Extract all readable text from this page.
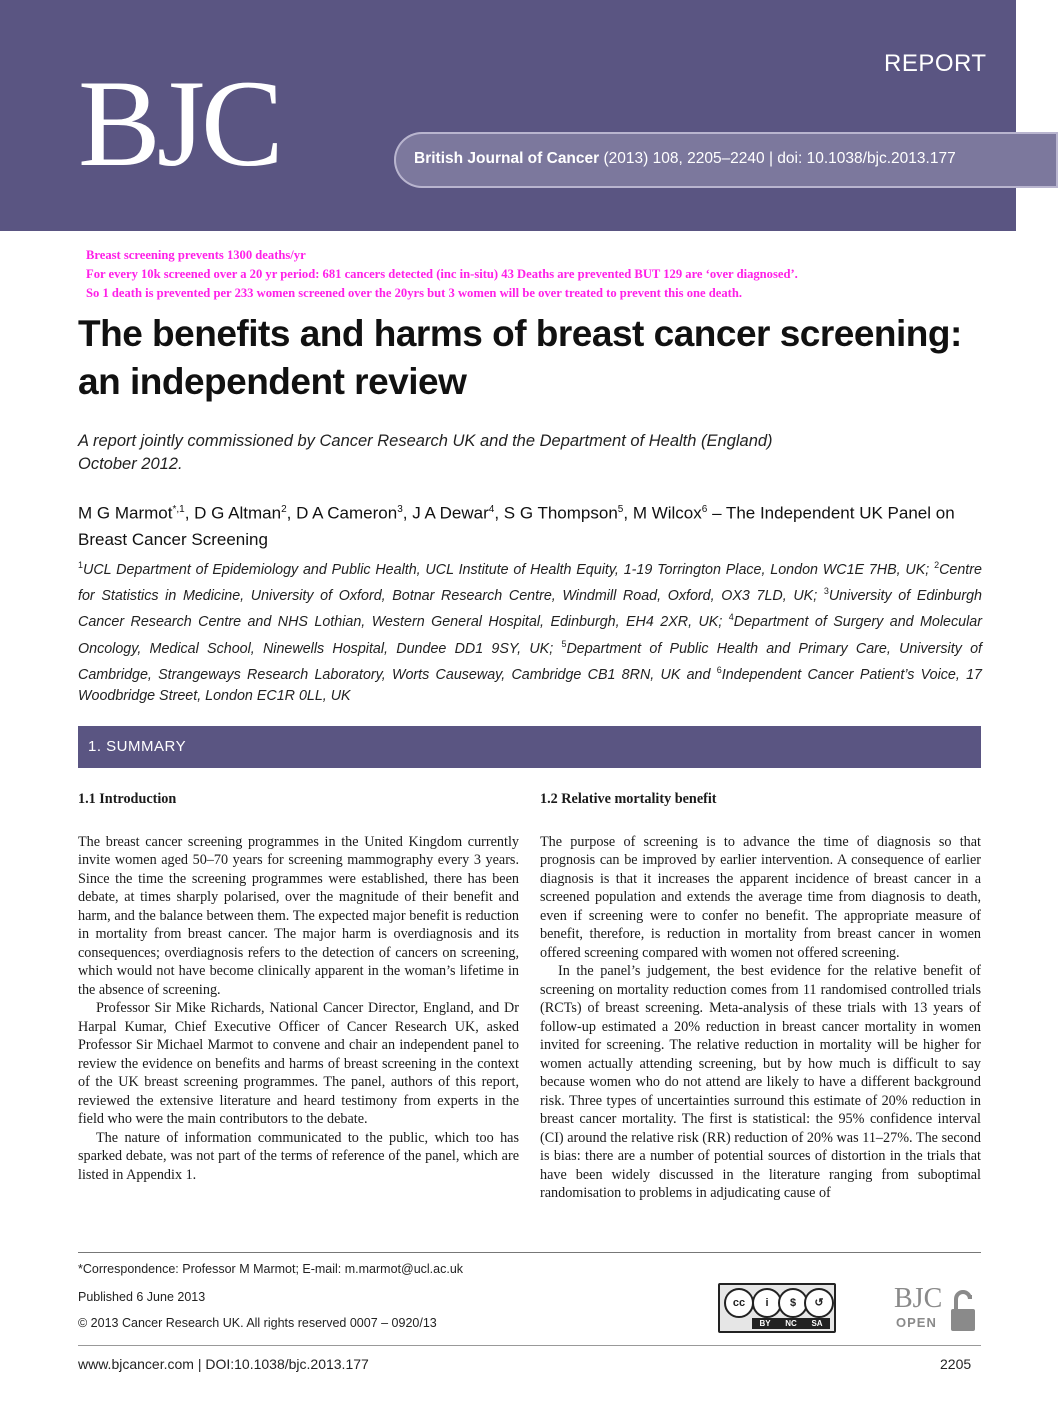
BJC	REPORT
British Journal of Cancer (2013) 108, 2205–2240 | doi: 10.1038/bjc.2013.177
Breast screening prevents 1300 deaths/yr
For every 10k screened over a 20 yr period: 681 cancers detected (inc in-situ) 43 Deaths are prevented BUT 129 are ‘over diagnosed’.
So 1 death is prevented per 233 women screened over the 20yrs but 3 women will be over treated to prevent this one death.
The benefits and harms of breast cancer screening: an independent review
A report jointly commissioned by Cancer Research UK and the Department of Health (England)
October 2012.
M G Marmot$^{*,1}$, D G Altman$^2$, D A Cameron$^3$, J A Dewar$^4$, S G Thompson$^5$, M Wilcox$^6$ – The Independent UK Panel on Breast Cancer Screening
$^1$UCL Department of Epidemiology and Public Health, UCL Institute of Health Equity, 1-19 Torrington Place, London WC1E 7HB, UK; $^2$Centre for Statistics in Medicine, University of Oxford, Botnar Research Centre, Windmill Road, Oxford, OX3 7LD, UK; $^3$University of Edinburgh Cancer Research Centre and NHS Lothian, Western General Hospital, Edinburgh, EH4 2XR, UK; $^4$Department of Surgery and Molecular Oncology, Medical School, Ninewells Hospital, Dundee DD1 9SY, UK; $^5$Department of Public Health and Primary Care, University of Cambridge, Strangeways Research Laboratory, Worts Causeway, Cambridge CB1 8RN, UK and $^6$Independent Cancer Patient’s Voice, 17 Woodbridge Street, London EC1R 0LL, UK
1. SUMMARY
1.1 Introduction

The breast cancer screening programmes in the United Kingdom currently invite women aged 50–70 years for screening mammography every 3 years. Since the time the screening programmes were established, there has been debate, at times sharply polarised, over the magnitude of their benefit and harm, and the balance between them. The expected major benefit is reduction in mortality from breast cancer. The major harm is overdiagnosis and its consequences; overdiagnosis refers to the detection of cancers on screening, which would not have become clinically apparent in the woman’s lifetime in the absence of screening.

Professor Sir Mike Richards, National Cancer Director, England, and Dr Harpal Kumar, Chief Executive Officer of Cancer Research UK, asked Professor Sir Michael Marmot to convene and chair an independent panel to review the evidence on benefits and harms of breast screening in the context of the UK breast screening programmes. The panel, authors of this report, reviewed the extensive literature and heard testimony from experts in the field who were the main contributors to the debate.

The nature of information communicated to the public, which too has sparked debate, was not part of the terms of reference of the panel, which are listed in Appendix 1.

1.2 Relative mortality benefit

The purpose of screening is to advance the time of diagnosis so that prognosis can be improved by earlier intervention. A consequence of earlier diagnosis is that it increases the apparent incidence of breast cancer in a screened population and extends the average time from diagnosis to death, even if screening were to confer no benefit. The appropriate measure of benefit, therefore, is reduction in mortality from breast cancer in women offered screening compared with women not offered screening.

In the panel’s judgement, the best evidence for the relative benefit of screening on mortality reduction comes from 11 randomised controlled trials (RCTs) of breast screening. Meta-analysis of these trials with 13 years of follow-up estimated a 20% reduction in breast cancer mortality in women invited for screening. The relative reduction in mortality will be higher for women actually attending screening, but by how much is difficult to say because women who do not attend are likely to have a different background risk. Three types of uncertainties surround this estimate of 20% reduction in breast cancer mortality. The first is statistical: the 95% confidence interval (CI) around the relative risk (RR) reduction of 20% was 11–27%. The second is bias: there are a number of potential sources of distortion in the trials that have been widely discussed in the literature ranging from suboptimal randomisation to problems in adjudicating cause of

*Correspondence: Professor M Marmot; E-mail: m.marmot@ucl.ac.uk
Published 6 June 2013
© 2013 Cancer Research UK. All rights reserved 0007 – 0920/13
cc	i	$	↺
BY	NC	SA
BJC
OPEN
www.bjcancer.com | DOI:10.1038/bjc.2013.177	2205
